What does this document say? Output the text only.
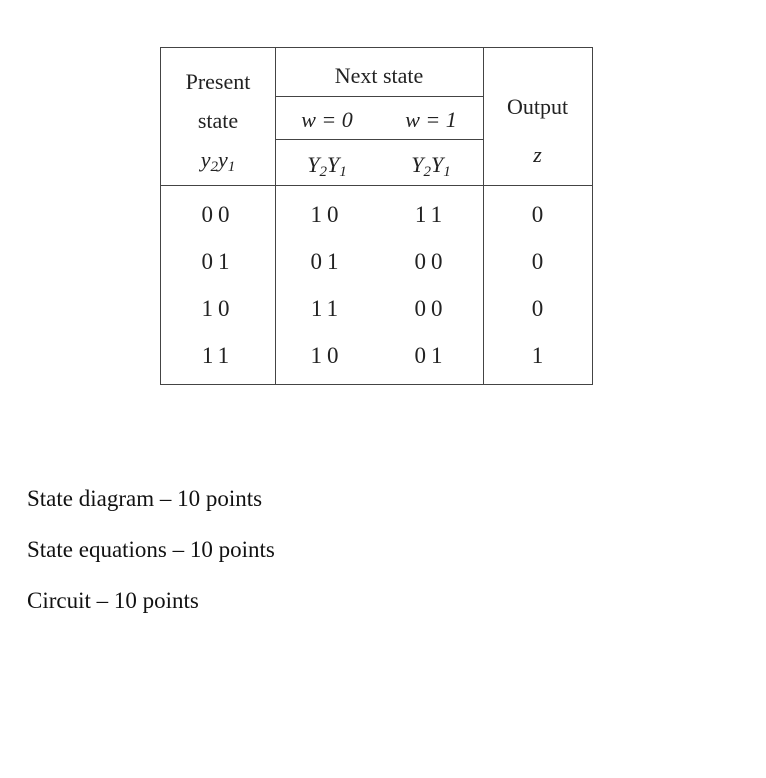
Present
state
$y_2y_1$
Next state
w = 0	w = 1
$Y_2Y_1$	$Y_2Y_1$
Output
z
00	10	11	0
01	01	00	0
10	11	00	0
11	10	01	1
State diagram – 10 points
State equations – 10 points
Circuit – 10 points
